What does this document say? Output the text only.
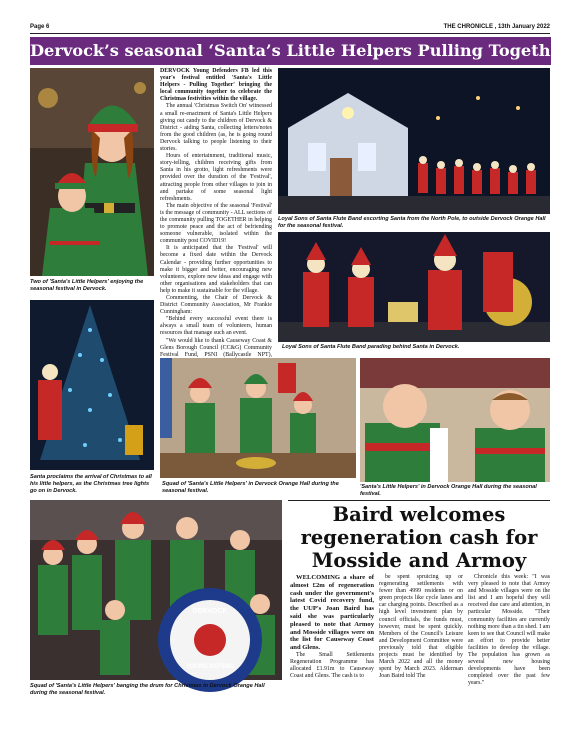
Page 6	THE CHRONICLE , 13th January 2022
Dervock’s seasonal ‘Santa’s Little Helpers Pulling Together
Two of 'Santa's Little Helpers' enjoying the seasonal festival in Dervock.

DERVOCK Young Defenders FB led this year's festival entitled 'Santa's Little Helpers - Pulling Together' bringing the local community together to celebrate the Christmas festivities within the village.

The annual 'Christmas Switch On' witnessed a small re-enactment of Santa's Little Helpers giving out candy to the children of Dervock & District - aiding Santa, collecting letters/notes from the good children (as, he is going round Dervock talking to people listening to their stories.

Hours of entertainment, traditional music, story-telling, children receiving gifts from Santa in his grotto, light refreshments were provided over the duration of the 'Festival', attracting people from other villages to join in and partake of some seasonal light refreshments.

The main objective of the seasonal 'Festival' is the message of community - ALL sections of the community pulling TOGETHER in helping to promote peace and the act of befriending someone vulnerable, isolated within the community post COVID19!

It is anticipated that the 'Festival' will become a fixed date within the Dervock Calendar - providing further opportunities to make it bigger and better, encouraging new volunteers, explore new ideas and engage with other organisations and stakeholders that can help to make it sustainable for the village.

Commenting, the Chair of Dervock & District Community Association, Mr Frankie Cunningham:

"Behind every successful event there is always a small team of volunteers, human resources that manage such an event.

"We would like to thank Causeway Coast & Glens Borough Council (CC&G) Community Festival Fund, PSNI (Ballycastle NPT),

Loyal Sons of Santa Flute Band escorting Santa from the North Pole, to outside Dervock Orange Hall for the seasonal festival.
Loyal Sons of Santa Flute Band parading behind Santa in Dervock.
Santa proclaims the arrival of Christmas to all his little helpers, as the Christmas tree lights go on in Dervock.
Squad of 'Santa's Little Helpers' in Dervock Orange Hall during the seasonal festival.
'Santa's Little Helpers' in Dervock Orange Hall during the seasonal festival.
DERVOCK
YOUNG DEFEND
Squad of 'Santa's Little Helpers' banging the drum for Christmas in Dervock Orange Hall during the seasonal festival.
Baird welcomes regeneration cash for Mosside and Armoy

WELCOMING a share of almost £2m of regeneration cash under the government's latest Covid recovery fund, the UUP's Joan Baird has said she was particularly pleased to note that Armoy and Mosside villages were on the list for Causeway Coast and Glens.

The Small Settlements Regeneration Programme has allocated £1.91m to Causeway Coast and Glens. The cash is to

be spent spruicing up or regenerating settlements with fewer than 4999 residents or on green projects like cycle lanes and car charging points. Described as a high level investment plan by council officials, the funds must, however, must be spent quickly. Members of the Council's Leisure and Development Committee were previously told that eligible projects must be identified by March 2022 and all the money spent by March 2023. Alderman Joan Baird told The

Chronicle this week: "I was very pleased to note that Armoy and Mosside villages were on the list and I am hopeful they will received due care and attention, in particular Mosside. "Their community facilities are currently nothing more than a tin shed. I am keen to see that Council will make an effort to provide better facilities to develop the village. The population has grown as several new housing developments have been completed over the past few years."
